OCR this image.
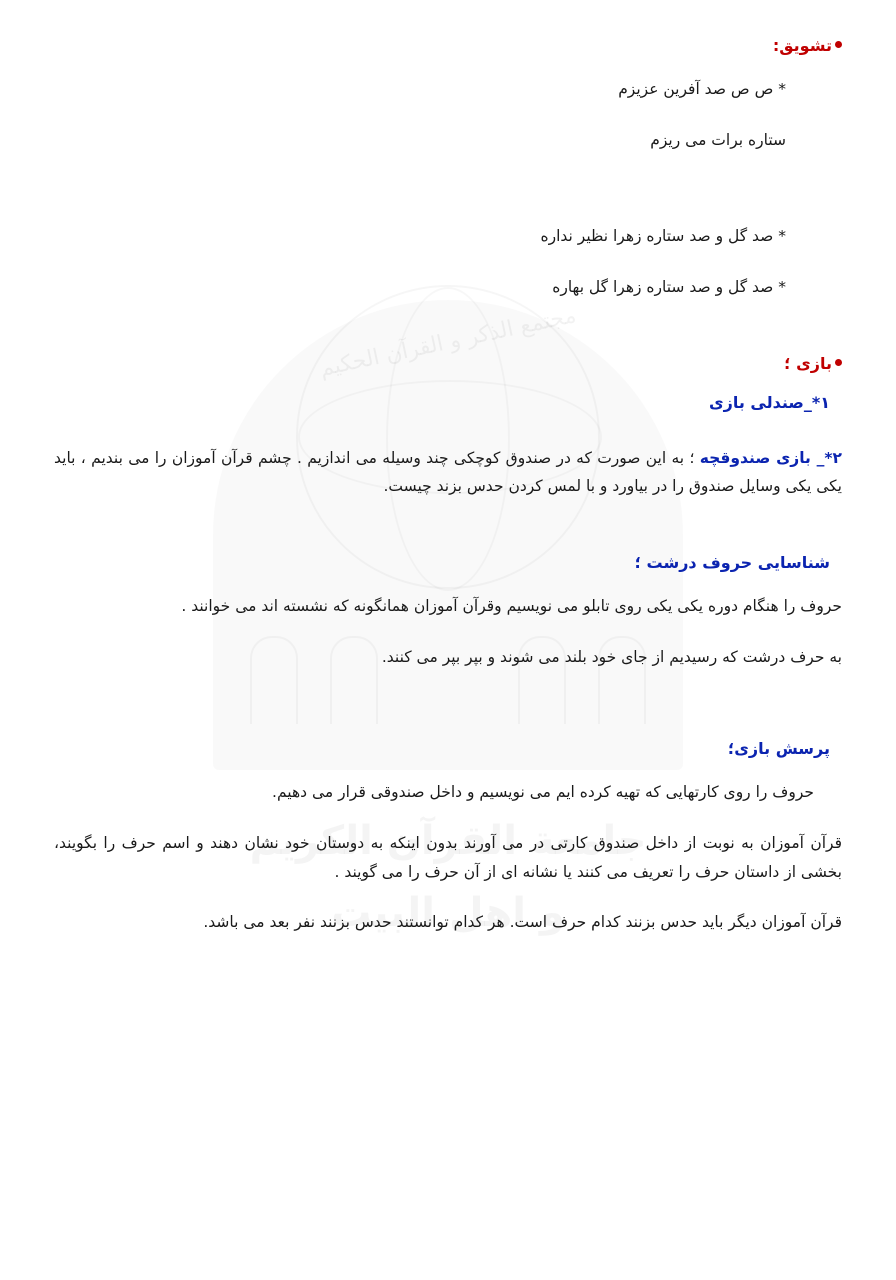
مجتمع الذكر و القرآن الحكيم
تشویق:

* ص ص صد آفرین عزیزم

ستاره برات می ریزم

* صد گل و صد ستاره زهرا نظیر نداره

* صد گل و صد ستاره زهرا گل بهاره

بازی ؛

۱*_صندلی بازی

۲*_ بازی صندوقچه ؛ به این صورت که در صندوق کوچکی چند وسیله می اندازیم . چشم قرآن آموزان را می بندیم ، باید یکی یکی وسایل صندوق را در بیاورد و با لمس کردن حدس بزند چیست.

شناسایی حروف درشت ؛

حروف را هنگام دوره یکی یکی روی تابلو می نویسیم وقرآن آموزان همانگونه که نشسته اند می خوانند .

به حرف درشت که رسیدیم از جای خود بلند می شوند و بپر بپر می کنند.

پرسش بازی؛

حروف را روی کارتهایی که تهیه کرده ایم می نویسیم و داخل صندوقی قرار می دهیم.

قرآن آموزان به نوبت از داخل صندوق کارتی در می آورند بدون اینکه به دوستان خود نشان دهند و اسم حرف را بگویند، بخشی از داستان حرف را تعریف می کنند یا نشانه ای از آن حرف را می گویند .

قرآن آموزان دیگر باید حدس بزنند کدام حرف است. هر کدام توانستند حدس بزنند نفر بعد می باشد.
